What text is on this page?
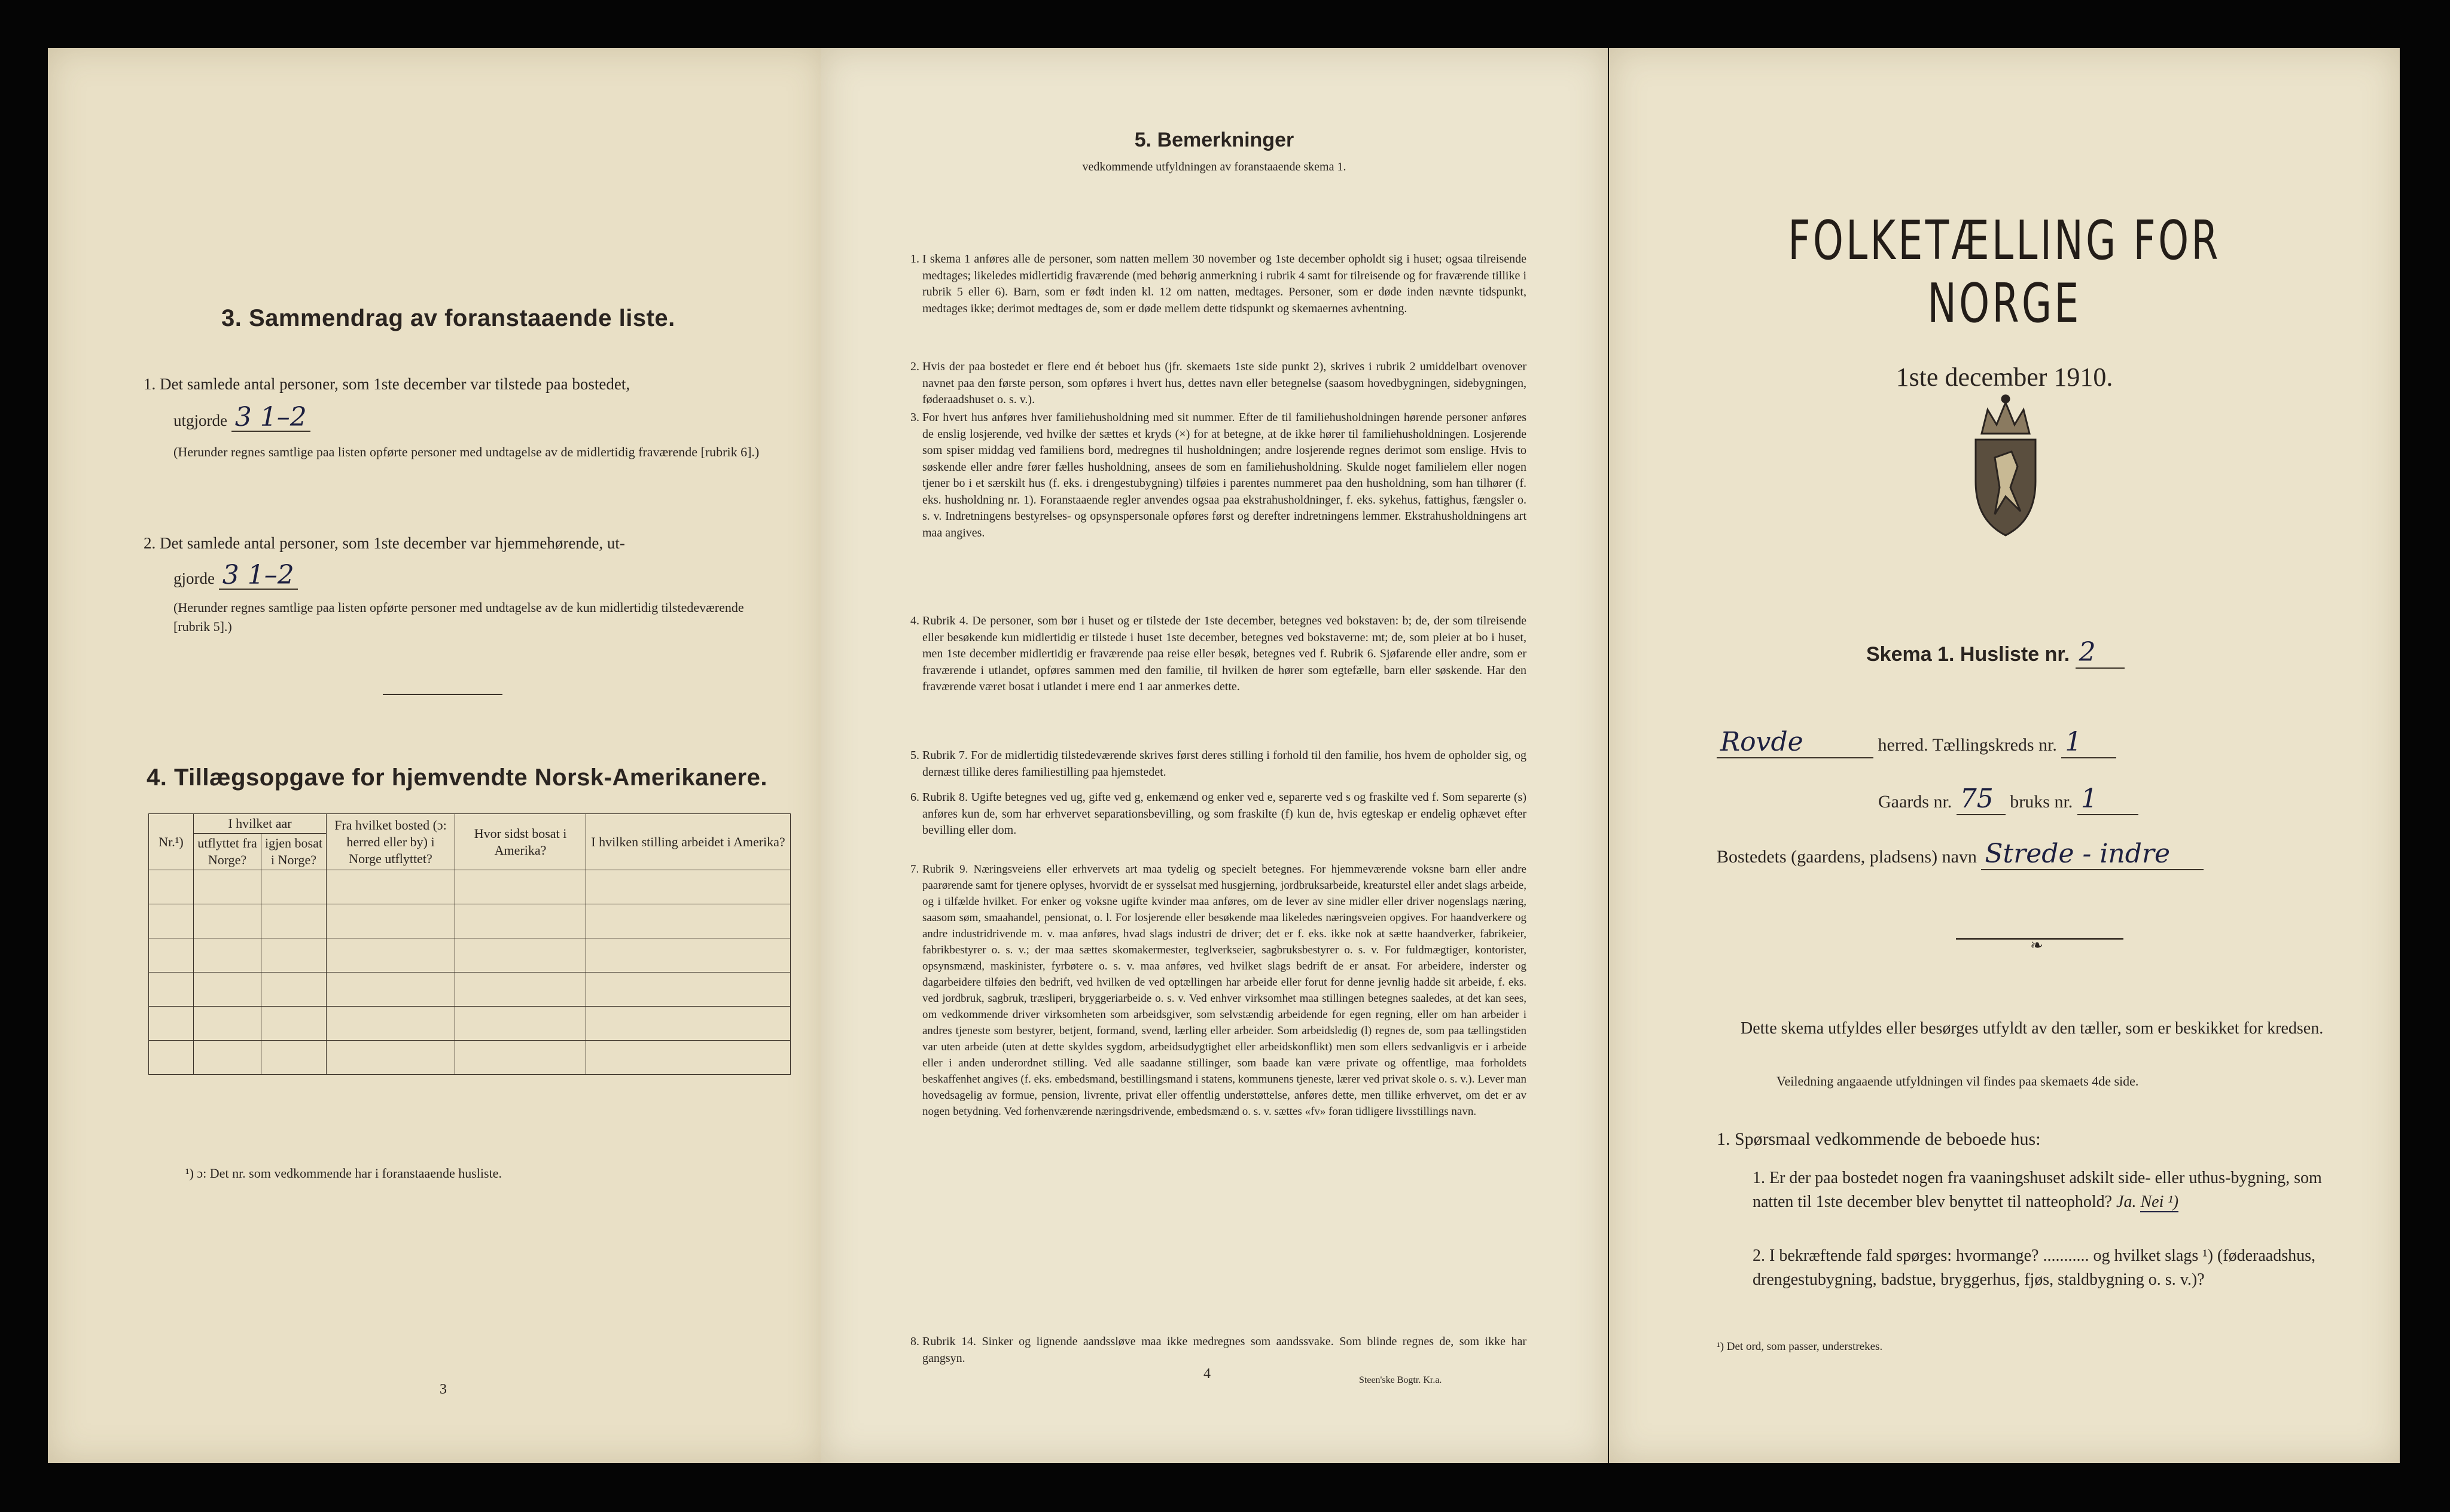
3. Sammendrag av foranstaaende liste.
1. Det samlede antal personer, som 1ste december var tilstede paa bostedet,
utgjorde 3 1–2
(Herunder regnes samtlige paa listen opførte personer med undtagelse av de midlertidig fraværende [rubrik 6].)
2. Det samlede antal personer, som 1ste december var hjemmehørende, ut-
gjorde 3 1–2
(Herunder regnes samtlige paa listen opførte personer med undtagelse av de kun midlertidig tilstedeværende [rubrik 5].)
4. Tillægsopgave for hjemvendte Norsk-Amerikanere.
Nr.¹)	I hvilket aar		Fra hvilket bosted (ɔ: herred eller by) i Norge utflyttet?	Hvor sidst bosat i Amerika?	I hvilken stilling arbeidet i Amerika?
	utflyttet fra Norge?	igjen bosat i Norge?			

¹) ɔ: Det nr. som vedkommende har i foranstaaende husliste.
3
5. Bemerkninger
vedkommende utfyldningen av foranstaaende skema 1.
1. I skema 1 anføres alle de personer, som natten mellem 30 november og 1ste december opholdt sig i huset; ogsaa tilreisende medtages; likeledes midlertidig fraværende (med behørig anmerkning i rubrik 4 samt for tilreisende og for fraværende tillike i rubrik 5 eller 6). Barn, som er født inden kl. 12 om natten, medtages. Personer, som er døde inden nævnte tidspunkt, medtages ikke; derimot medtages de, som er døde mellem dette tidspunkt og skemaernes avhentning.
2. Hvis der paa bostedet er flere end ét beboet hus (jfr. skemaets 1ste side punkt 2), skrives i rubrik 2 umiddelbart ovenover navnet paa den første person, som opføres i hvert hus, dettes navn eller betegnelse (saasom hovedbygningen, sidebygningen, føderaadshuset o. s. v.).
3. For hvert hus anføres hver familiehusholdning med sit nummer. Efter de til familiehusholdningen hørende personer anføres de enslig losjerende, ved hvilke der sættes et kryds (×) for at betegne, at de ikke hører til familiehusholdningen. Losjerende som spiser middag ved familiens bord, medregnes til husholdningen; andre losjerende regnes derimot som enslige. Hvis to søskende eller andre fører fælles husholdning, ansees de som en familiehusholdning. Skulde noget familielem eller nogen tjener bo i et særskilt hus (f. eks. i drengestubygning) tilføies i parentes nummeret paa den husholdning, som han tilhører (f. eks. husholdning nr. 1). Foranstaaende regler anvendes ogsaa paa ekstrahusholdninger, f. eks. sykehus, fattighus, fængsler o. s. v. Indretningens bestyrelses- og opsynspersonale opføres først og derefter indretningens lemmer. Ekstrahusholdningens art maa angives.
4. Rubrik 4. De personer, som bør i huset og er tilstede der 1ste december, betegnes ved bokstaven: b; de, der som tilreisende eller besøkende kun midlertidig er tilstede i huset 1ste december, betegnes ved bokstaverne: mt; de, som pleier at bo i huset, men 1ste december midlertidig er fraværende paa reise eller besøk, betegnes ved f. Rubrik 6. Sjøfarende eller andre, som er fraværende i utlandet, opføres sammen med den familie, til hvilken de hører som egtefælle, barn eller søskende. Har den fraværende været bosat i utlandet i mere end 1 aar anmerkes dette.
5. Rubrik 7. For de midlertidig tilstedeværende skrives først deres stilling i forhold til den familie, hos hvem de opholder sig, og dernæst tillike deres familiestilling paa hjemstedet.
6. Rubrik 8. Ugifte betegnes ved ug, gifte ved g, enkemænd og enker ved e, separerte ved s og fraskilte ved f. Som separerte (s) anføres kun de, som har erhvervet separationsbevilling, og som fraskilte (f) kun de, hvis egteskap er endelig ophævet efter bevilling eller dom.
7. Rubrik 9. Næringsveiens eller erhvervets art maa tydelig og specielt betegnes. For hjemmeværende voksne barn eller andre paarørende samt for tjenere oplyses, hvorvidt de er sysselsat med husgjerning, jordbruksarbeide, kreaturstel eller andet slags arbeide, og i tilfælde hvilket. For enker og voksne ugifte kvinder maa anføres, om de lever av sine midler eller driver nogenslags næring, saasom søm, smaahandel, pensionat, o. l. For losjerende eller besøkende maa likeledes næringsveien opgives. For haandverkere og andre industridrivende m. v. maa anføres, hvad slags industri de driver; det er f. eks. ikke nok at sætte haandverker, fabrikeier, fabrikbestyrer o. s. v.; der maa sættes skomakermester, teglverkseier, sagbruksbestyrer o. s. v. For fuldmægtiger, kontorister, opsynsmænd, maskinister, fyrbøtere o. s. v. maa anføres, ved hvilket slags bedrift de er ansat. For arbeidere, inderster og dagarbeidere tilføies den bedrift, ved hvilken de ved optællingen har arbeide eller forut for denne jevnlig hadde sit arbeide, f. eks. ved jordbruk, sagbruk, træsliperi, bryggeriarbeide o. s. v. Ved enhver virksomhet maa stillingen betegnes saaledes, at det kan sees, om vedkommende driver virksomheten som arbeidsgiver, som selvstændig arbeidende for egen regning, eller om han arbeider i andres tjeneste som bestyrer, betjent, formand, svend, lærling eller arbeider. Som arbeidsledig (l) regnes de, som paa tællingstiden var uten arbeide (uten at dette skyldes sygdom, arbeidsudygtighet eller arbeidskonflikt) men som ellers sedvanligvis er i arbeide eller i anden underordnet stilling. Ved alle saadanne stillinger, som baade kan være private og offentlige, maa forholdets beskaffenhet angives (f. eks. embedsmand, bestillingsmand i statens, kommunens tjeneste, lærer ved privat skole o. s. v.). Lever man hovedsagelig av formue, pension, livrente, privat eller offentlig understøttelse, anføres dette, men tillike erhvervet, om det er av nogen betydning. Ved forhenværende næringsdrivende, embedsmænd o. s. v. sættes «fv» foran tidligere livsstillings navn.
8. Rubrik 14. Sinker og lignende aandssløve maa ikke medregnes som aandssvake. Som blinde regnes de, som ikke har gangsyn.
4	Steen'ske Bogtr. Kr.a.
FOLKETÆLLING FOR NORGE
1ste december 1910.
Skema 1. Husliste nr. 2
Rovde	herred. Tællingskreds nr. 1
Gaards nr. 75 bruks nr. 1
Bostedets (gaardens, pladsens) navn Strede - indre
❧
Dette skema utfyldes eller besørges utfyldt av den tæller, som er beskikket for kredsen.
Veiledning angaaende utfyldningen vil findes paa skemaets 4de side.
1. Spørsmaal vedkommende de beboede hus:
1. Er der paa bostedet nogen fra vaaningshuset adskilt side- eller uthus-bygning, som natten til 1ste december blev benyttet til natteophold? Ja. Nei ¹)
2. I bekræftende fald spørges: hvormange? ........... og hvilket slags ¹) (føderaadshus, drengestubygning, badstue, bryggerhus, fjøs, staldbygning o. s. v.)?
¹) Det ord, som passer, understrekes.
